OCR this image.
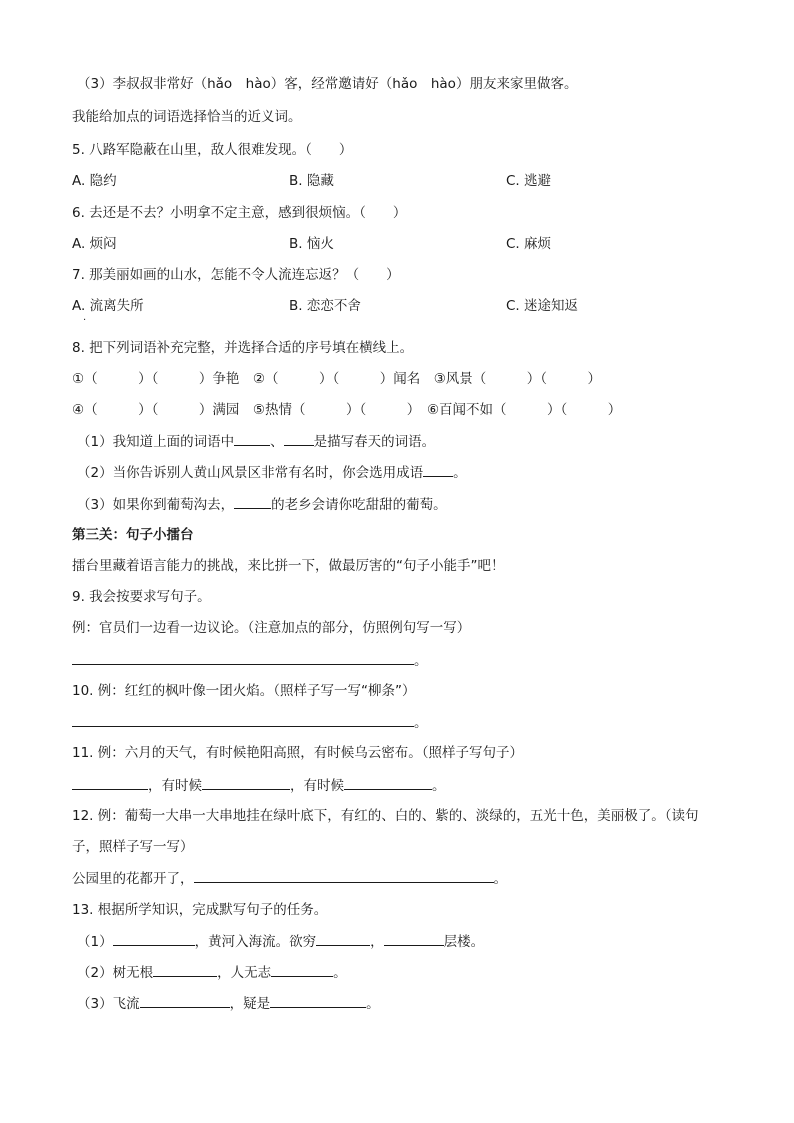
（3）李叔叔非常好（hǎo　hào）客，经常邀请好（hǎo　hào）朋友来家里做客。
我能给加点的词语选择恰当的近义词。
5. 八路军隐蔽在山里，敌人很难发现。（　　）
A. 隐约	B. 隐藏	C. 逃避
6. 去还是不去？小明拿不定主意，感到很烦恼。（　　）
A. 烦闷	B. 恼火	C. 麻烦
7. 那美丽如画的山水，怎能不令人流连忘返？（　　）
A. 流离失所
·
B. 恋恋不舍	C. 迷途知返
8. 把下列词语补充完整，并选择合适的序号填在横线上。
①（　　　）（　　　）争艳　②（　　　）（　　　）闻名　③风景（　　　）（　　　）
④（　　　）（　　　）满园　⑤热情（　　　）（　　　）　⑥百闻不如（　　　）（　　　）
（1）我知道上面的词语中	、 是描写春天的词语。
（2）当你告诉别人黄山风景区非常有名时，你会选用成语 。
（3）如果你到葡萄沟去，	的老乡会请你吃甜甜的葡萄。
第三关：句子小擂台
擂台里藏着语言能力的挑战，来比拼一下，做最厉害的“句子小能手”吧！
9. 我会按要求写句子。
例：官员们一边看一边议论。（注意加点的部分，仿照例句写一写）
。
10. 例：红红的枫叶像一团火焰。（照样子写一写“柳条”）
。
11. 例：六月的天气，有时候艳阳高照，有时候乌云密布。（照样子写句子）
，有时候	，有时候	。
12. 例：葡萄一大串一大串地挂在绿叶底下，有红的、白的、紫的、淡绿的，五光十色，美丽极了。（读句
子，照样子写一写）
公园里的花都开了，	。
13. 根据所学知识，完成默写句子的任务。
（1）	，黄河入海流。欲穷	，	层楼。
（2）树无根	，人无志	。
（3）飞流	，疑是	。
